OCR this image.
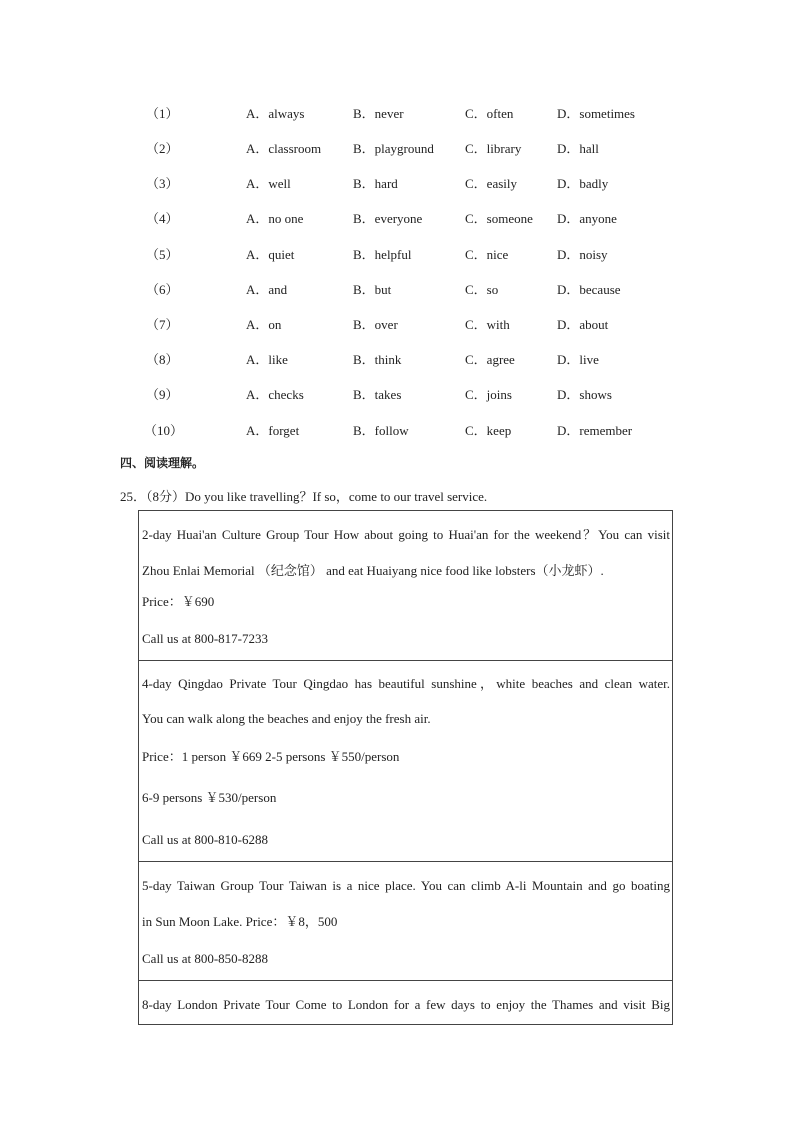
（1）	A．always	B．never	C．often	D．sometimes
（2）	A．classroom B．playground C．library	D．hall
（3）	A．well	B．hard	C．easily	D．badly
（4）	A．no one	B．everyone	C．someone D．anyone
（5）	A．quiet	B．helpful	C．nice	D．noisy
（6）	A．and	B．but	C．so	D．because
（7）	A．on	B．over	C．with	D．about
（8）	A．like	B．think	C．agree	D．live
（9）	A．checks	B．takes	C．joins	D．shows
（10）	A．forget	B．follow	C．keep	D．remember
四、阅读理解。
25．（8分）Do you like travelling？If so，come to our travel service.
2-day Huai'an Culture Group Tour How about going to Huai'an for the weekend？You can visit
Zhou Enlai Memorial （纪念馆） and eat Huaiyang nice food like lobsters（小龙虾）.
Price：￥690
Call us at 800-817-7233
4-day Qingdao Private Tour Qingdao has beautiful sunshine，white beaches and clean water.
You can walk along the beaches and enjoy the fresh air.
Price：1 person ￥669 2-5 persons ￥550/person
6-9 persons ￥530/person
Call us at 800-810-6288
5-day Taiwan Group Tour Taiwan is a nice place. You can climb A-li Mountain and go boating
in Sun Moon Lake. Price：￥8，500
Call us at 800-850-8288
8-day London Private Tour Come to London for a few days to enjoy the Thames and visit Big
